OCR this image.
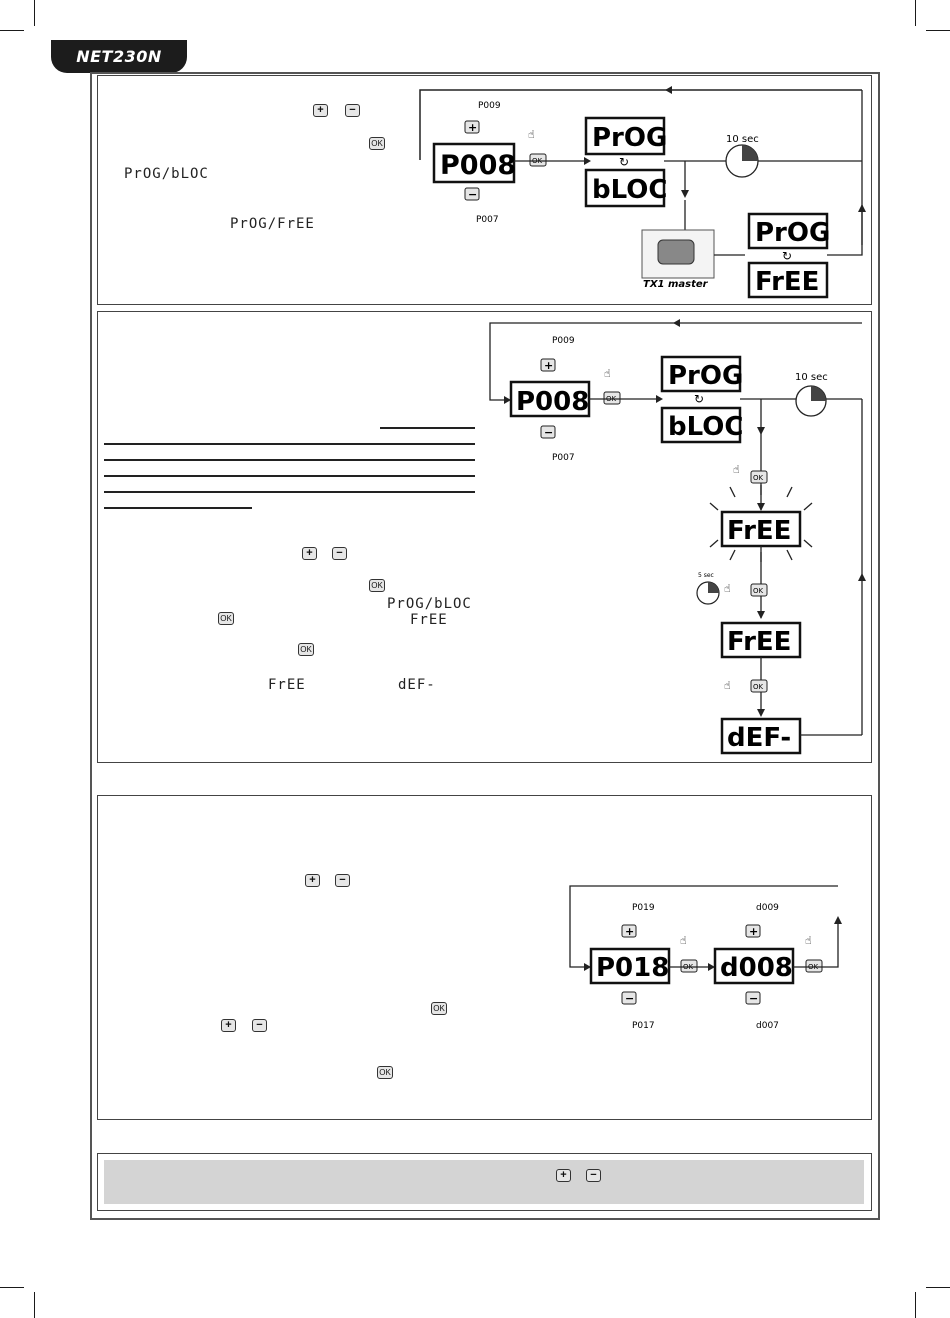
NET230N
+	−
OK
PrOG/bLOC
PrOG/FrEE
P009
+
P008
−
P007
☝
OK
PrOG
↻
bLOC
10 sec
TX1 master
PrOG
↻
FrEE
+	−
OK
PrOG/bLOC
OK	FrEE
OK
FrEE	dEF-
P009
+
P008
−
P007
☝
OK
PrOG
↻
bLOC
10 sec
☝
OK
FrEE
5 sec
☝	OK
FrEE
☝	OK
dEF-
+	−
OK
+	−
OK
P019
+
P018
−
P017
☝
OK
d009
+
d008
−
d007
☝
OK
+	−
